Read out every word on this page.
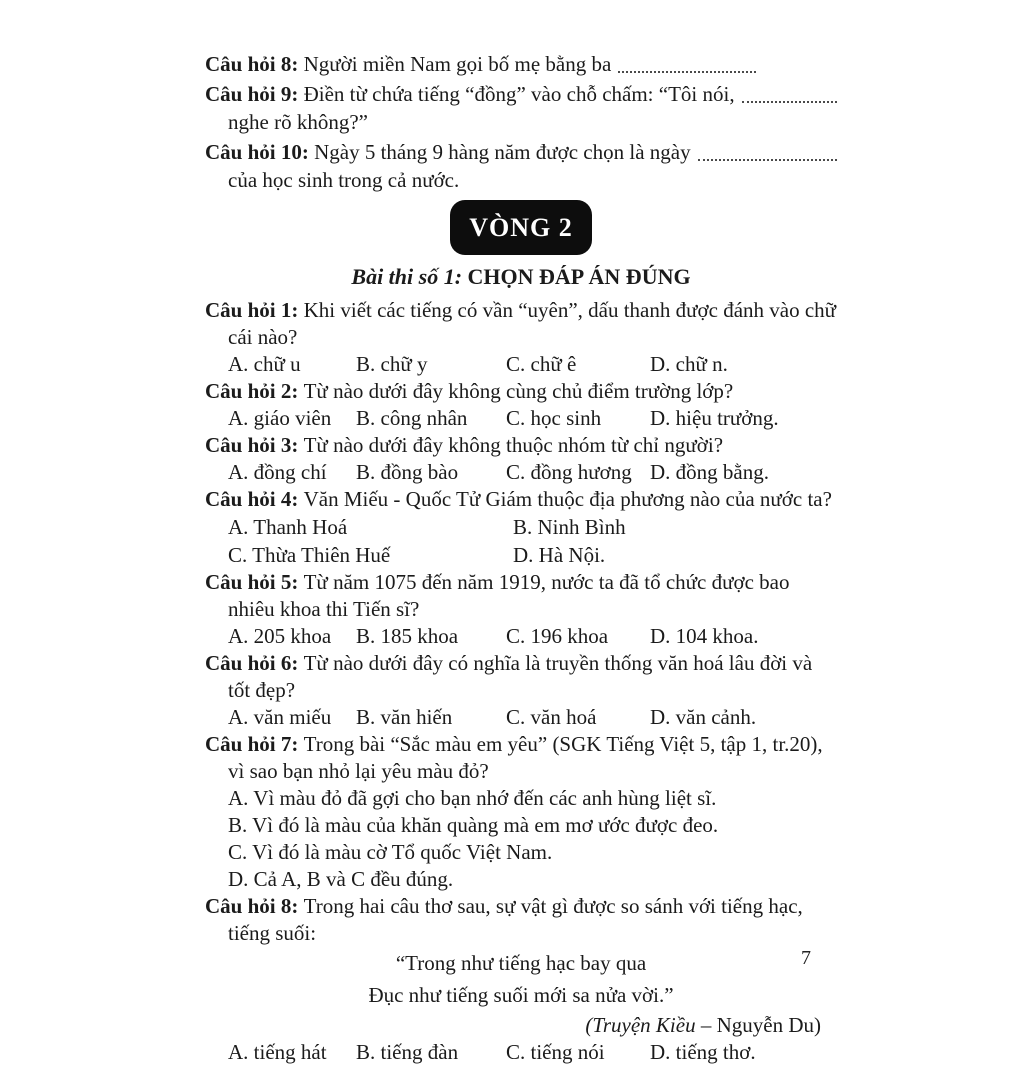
Câu hỏi 8:
Người miền Nam gọi bố mẹ bằng ba
Câu hỏi 9:
Điền từ chứa tiếng “đồng” vào chỗ chấm: “Tôi nói,
nghe rõ không?”
Câu hỏi 10:
Ngày 5 tháng 9 hàng năm được chọn là ngày
của học sinh trong cả nước.
VÒNG 2
Bài thi số 1: CHỌN ĐÁP ÁN ĐÚNG
Câu hỏi 1: Khi viết các tiếng có vần “uyên”, dấu thanh được đánh vào chữ cái nào?
A. chữ u	B. chữ y	C. chữ ê	D. chữ n.
Câu hỏi 2: Từ nào dưới đây không cùng chủ điểm trường lớp?
A. giáo viên	B. công nhân	C. học sinh	D. hiệu trưởng.
Câu hỏi 3: Từ nào dưới đây không thuộc nhóm từ chỉ người?
A. đồng chí	B. đồng bào	C. đồng hương D. đồng bằng.
Câu hỏi 4: Văn Miếu - Quốc Tử Giám thuộc địa phương nào của nước ta?
A. Thanh Hoá	B. Ninh Bình
C. Thừa Thiên Huế	D. Hà Nội.
Câu hỏi 5: Từ năm 1075 đến năm 1919, nước ta đã tổ chức được bao nhiêu khoa thi Tiến sĩ?
A. 205 khoa	B. 185 khoa	C. 196 khoa	D. 104 khoa.
Câu hỏi 6: Từ nào dưới đây có nghĩa là truyền thống văn hoá lâu đời và tốt đẹp?
A. văn miếu	B. văn hiến	C. văn hoá	D. văn cảnh.
Câu hỏi 7: Trong bài “Sắc màu em yêu” (SGK Tiếng Việt 5, tập 1, tr.20), vì sao bạn nhỏ lại yêu màu đỏ?
A. Vì màu đỏ đã gợi cho bạn nhớ đến các anh hùng liệt sĩ.
B. Vì đó là màu của khăn quàng mà em mơ ước được đeo.
C. Vì đó là màu cờ Tổ quốc Việt Nam.
D. Cả A, B và C đều đúng.
Câu hỏi 8: Trong hai câu thơ sau, sự vật gì được so sánh với tiếng hạc, tiếng suối:
“Trong như tiếng hạc bay qua
Đục như tiếng suối mới sa nửa vời.”
(Truyện Kiều – Nguyễn Du)
A. tiếng hát	B. tiếng đàn	C. tiếng nói	D. tiếng thơ.
7
